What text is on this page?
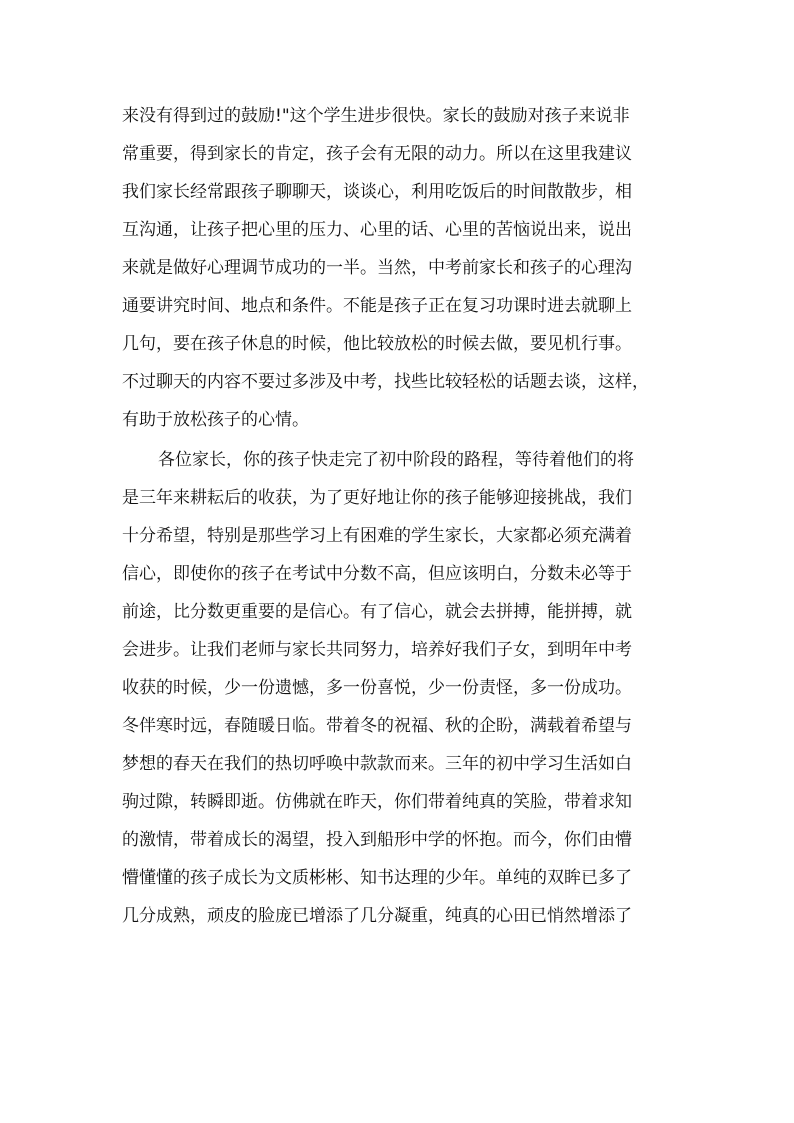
来没有得到过的鼓励!"这个学生进步很快。家长的鼓励对孩子来说非
常重要，得到家长的肯定，孩子会有无限的动力。所以在这里我建议
我们家长经常跟孩子聊聊天，谈谈心，利用吃饭后的时间散散步，相
互沟通，让孩子把心里的压力、心里的话、心里的苦恼说出来，说出
来就是做好心理调节成功的一半。当然，中考前家长和孩子的心理沟
通要讲究时间、地点和条件。不能是孩子正在复习功课时进去就聊上
几句，要在孩子休息的时候，他比较放松的时候去做，要见机行事。
不过聊天的内容不要过多涉及中考，找些比较轻松的话题去谈，这样，
有助于放松孩子的心情。
各位家长，你的孩子快走完了初中阶段的路程，等待着他们的将
是三年来耕耘后的收获，为了更好地让你的孩子能够迎接挑战，我们
十分希望，特别是那些学习上有困难的学生家长，大家都必须充满着
信心，即使你的孩子在考试中分数不高，但应该明白，分数未必等于
前途，比分数更重要的是信心。有了信心，就会去拼搏，能拼搏，就
会进步。让我们老师与家长共同努力，培养好我们子女，到明年中考
收获的时候，少一份遗憾，多一份喜悦，少一份责怪，多一份成功。
冬伴寒时远，春随暖日临。带着冬的祝福、秋的企盼，满载着希望与
梦想的春天在我们的热切呼唤中款款而来。三年的初中学习生活如白
驹过隙，转瞬即逝。仿佛就在昨天，你们带着纯真的笑脸，带着求知
的激情，带着成长的渴望，投入到船形中学的怀抱。而今，你们由懵
懵懂懂的孩子成长为文质彬彬、知书达理的少年。单纯的双眸已多了
几分成熟，顽皮的脸庞已增添了几分凝重，纯真的心田已悄然增添了
